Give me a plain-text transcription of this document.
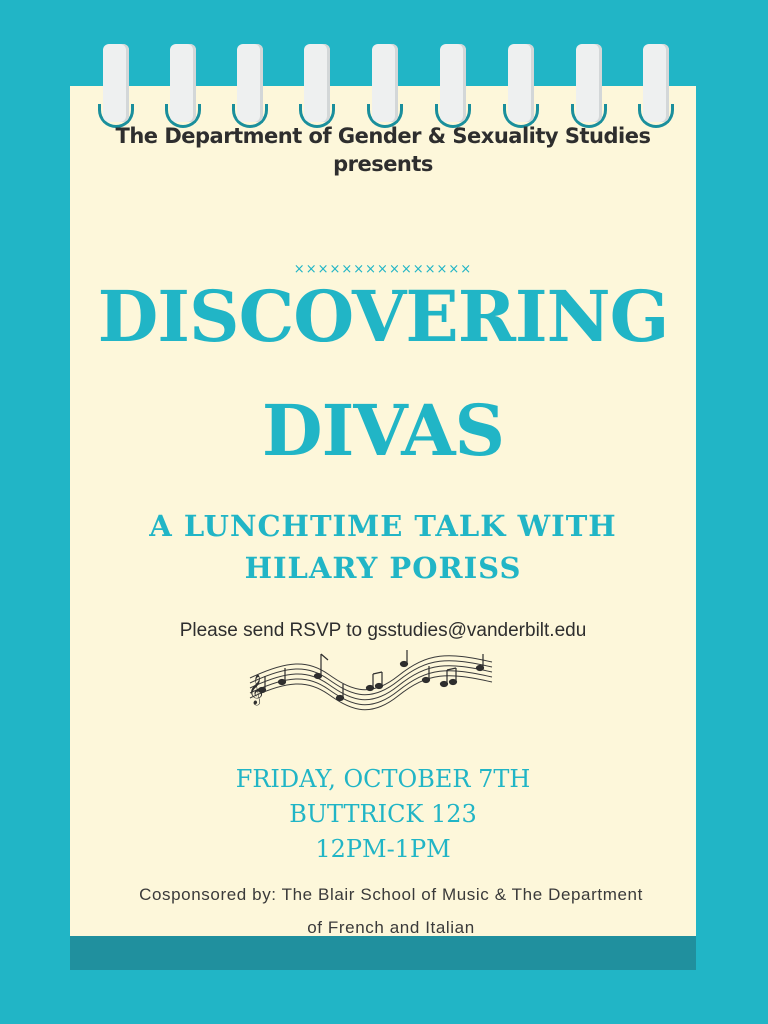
The Department of Gender & Sexuality Studies
presents
×××××××××××××××
DISCOVERING
DIVAS
A LUNCHTIME TALK WITH
HILARY PORISS
Please send RSVP to gsstudies@vanderbilt.edu
𝄞
FRIDAY, OCTOBER 7TH
BUTTRICK 123
12PM-1PM
Cosponsored by: The Blair School of Music & The Department
of French and Italian
